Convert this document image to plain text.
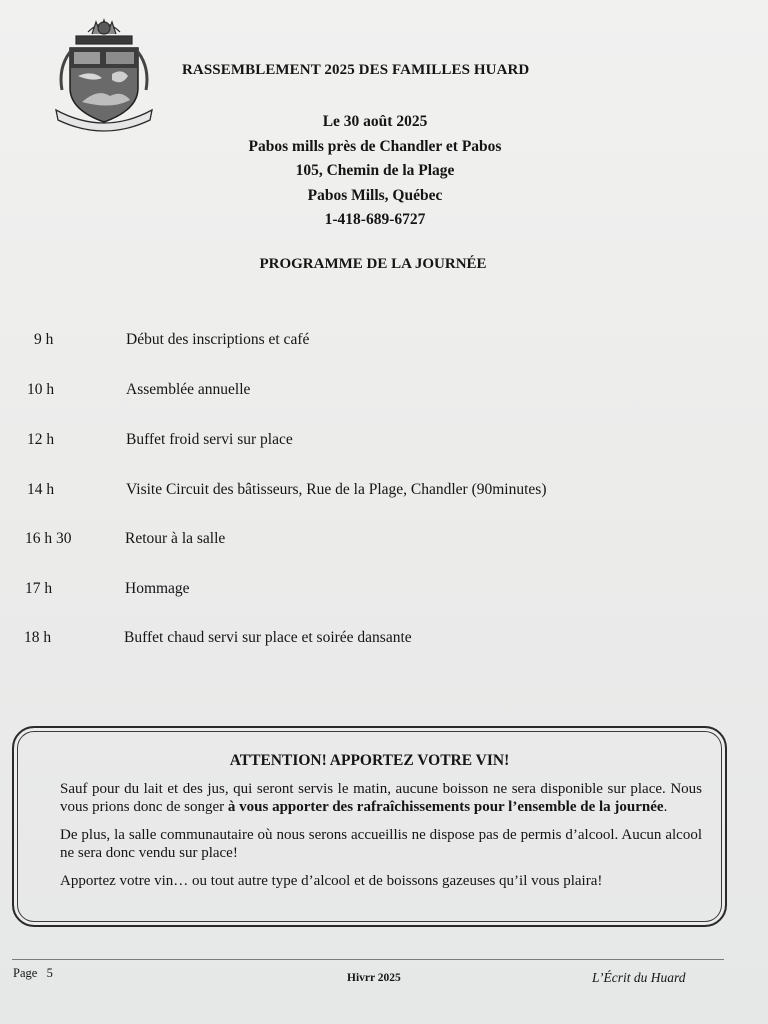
RASSEMBLEMENT 2025 DES FAMILLES HUARD
Le 30 août 2025
Pabos mills près de Chandler et Pabos
105, Chemin de la Plage
Pabos Mills, Québec
1-418-689-6727
PROGRAMME DE LA JOURNÉE
9 h	Début des inscriptions et café
10 h	Assemblée annuelle
12 h	Buffet froid servi sur place
14 h	Visite Circuit des bâtisseurs, Rue de la Plage, Chandler (90minutes)
16 h 30	Retour à la salle
17 h	Hommage
18 h	Buffet chaud servi sur place et soirée dansante
ATTENTION! APPORTEZ VOTRE VIN!

Sauf pour du lait et des jus, qui seront servis le matin, aucune boisson ne sera disponible sur place. Nous vous prions donc de songer à vous apporter des rafraîchissements pour l’ensemble de la journée.

De plus, la salle communautaire où nous serons accueillis ne dispose pas de permis d’alcool. Aucun alcool ne sera donc vendu sur place!

Apportez votre vin… ou tout autre type d’alcool et de boissons gazeuses qu’il vous plaira!

Page   5	Hivrr 2025	L’Écrit du Huard
